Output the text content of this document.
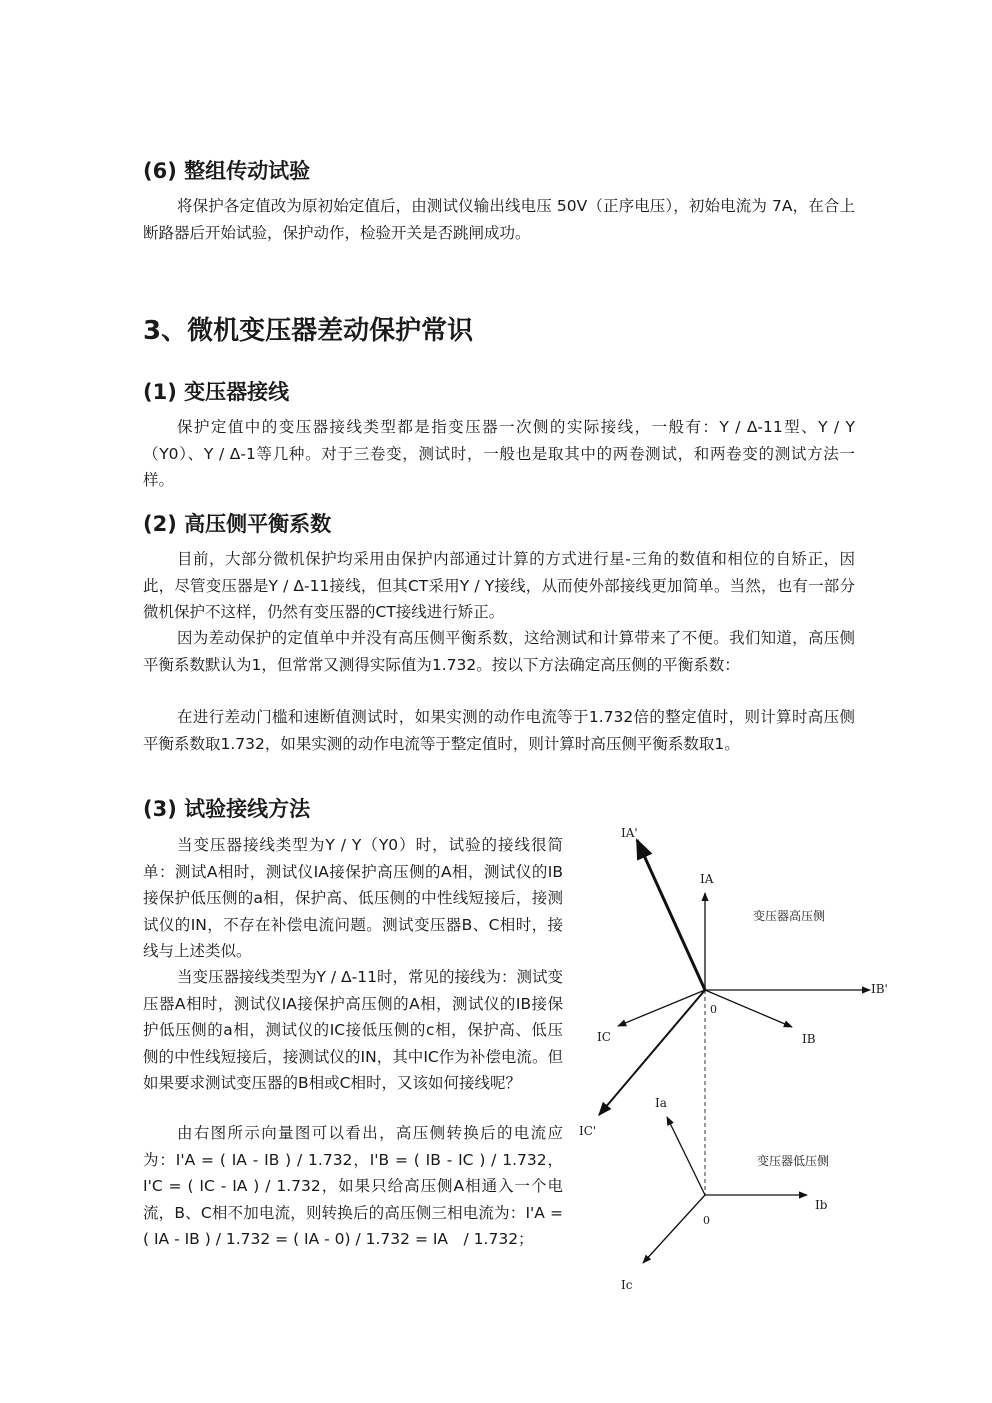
(6) 整组传动试验

将保护各定值改为原初始定值后，由测试仪输出线电压 50V（正序电压），初始电流为 7A，在合上断路器后开始试验，保护动作，检验开关是否跳闸成功。

3、微机变压器差动保护常识
(1) 变压器接线

保护定值中的变压器接线类型都是指变压器一次侧的实际接线，一般有：Y / Δ-11型、Y / Y（Y0）、Y / Δ-1等几种。对于三卷变，测试时，一般也是取其中的两卷测试，和两卷变的测试方法一样。

(2) 高压侧平衡系数

目前，大部分微机保护均采用由保护内部通过计算的方式进行星-三角的数值和相位的自矫正，因此，尽管变压器是Y / Δ-11接线，但其CT采用Y / Y接线，从而使外部接线更加简单。当然，也有一部分微机保护不这样，仍然有变压器的CT接线进行矫正。

因为差动保护的定值单中并没有高压侧平衡系数，这给测试和计算带来了不便。我们知道，高压侧平衡系数默认为1，但常常又测得实际值为1.732。按以下方法确定高压侧的平衡系数：

在进行差动门槛和速断值测试时，如果实测的动作电流等于1.732倍的整定值时，则计算时高压侧平衡系数取1.732，如果实测的动作电流等于整定值时，则计算时高压侧平衡系数取1。

(3) 试验接线方法

当变压器接线类型为Y / Y（Y0）时，试验的接线很简单：测试A相时，测试仪IA接保护高压侧的A相，测试仪的IB接保护低压侧的a相，保护高、低压侧的中性线短接后，接测试仪的IN，不存在补偿电流问题。测试变压器B、C相时，接线与上述类似。

当变压器接线类型为Y / Δ-11时，常见的接线为：测试变压器A相时，测试仪IA接保护高压侧的A相，测试仪的IB接保护低压侧的a相，测试仪的IC接低压侧的c相，保护高、低压侧的中性线短接后，接测试仪的IN，其中IC作为补偿电流。但如果要求测试变压器的B相或C相时，又该如何接线呢？

由右图所示向量图可以看出，高压侧转换后的电流应为：I'A = ( IA - IB ) / 1.732，I'B = ( IB - IC ) / 1.732，I'C = ( IC - IA ) / 1.732，如果只给高压侧A相通入一个电流，B、C相不加电流，则转换后的高压侧三相电流为：I'A = ( IA - IB ) / 1.732 = ( IA - 0) / 1.732 = IA　/ 1.732；

IA'
IA
IB'
IB
IC
IC'
Ia
Ib
Ic
0
0
变压器高压侧
变压器低压侧
